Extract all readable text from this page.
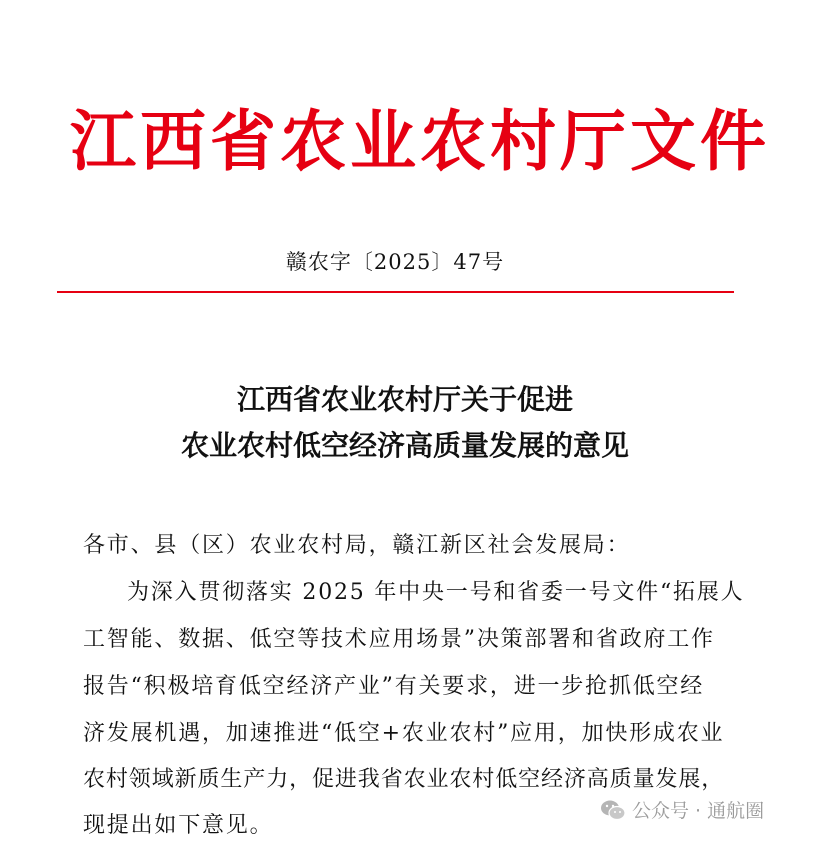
江西省农业农村厅文件
赣农字〔2025〕47号
江西省农业农村厅关于促进
农业农村低空经济高质量发展的意见
各市、县（区）农业农村局，赣江新区社会发展局：
为深入贯彻落实 2025 年中央一号和省委一号文件“拓展人
工智能、数据、低空等技术应用场景”决策部署和省政府工作
报告“积极培育低空经济产业”有关要求，进一步抢抓低空经
济发展机遇，加速推进“低空+农业农村”应用，加快形成农业
农村领域新质生产力，促进我省农业农村低空经济高质量发展，
现提出如下意见。
公众号 · 通航圈
